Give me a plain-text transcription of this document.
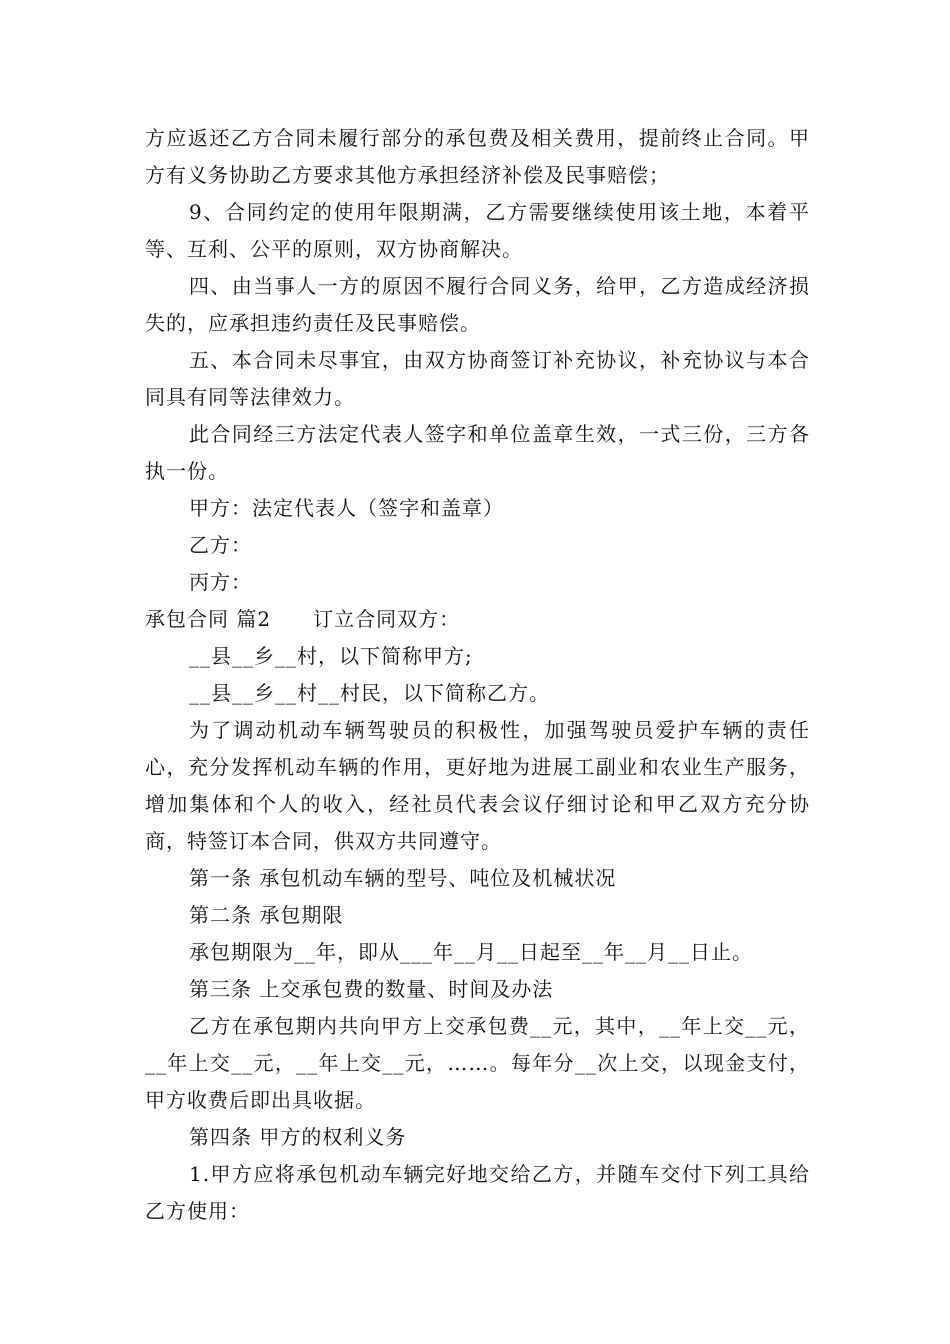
方应返还乙方合同未履行部分的承包费及相关费用，提前终止合同。甲方有义务协助乙方要求其他方承担经济补偿及民事赔偿；

9、合同约定的使用年限期满，乙方需要继续使用该土地，本着平等、互利、公平的原则，双方协商解决。

四、由当事人一方的原因不履行合同义务，给甲，乙方造成经济损失的，应承担违约责任及民事赔偿。

五、本合同未尽事宜，由双方协商签订补充协议，补充协议与本合同具有同等法律效力。

此合同经三方法定代表人签字和单位盖章生效，一式三份，三方各执一份。

甲方：法定代表人（签字和盖章）

乙方：

丙方：

承包合同 篇2　　订立合同双方：

__县__乡__村，以下简称甲方;

__县__乡__村__村民，以下简称乙方。

为了调动机动车辆驾驶员的积极性，加强驾驶员爱护车辆的责任心，充分发挥机动车辆的作用，更好地为进展工副业和农业生产服务，增加集体和个人的收入，经社员代表会议仔细讨论和甲乙双方充分协商，特签订本合同，供双方共同遵守。

第一条 承包机动车辆的型号、吨位及机械状况

第二条 承包期限

承包期限为__年，即从___年__月__日起至__年__月__日止。

第三条 上交承包费的数量、时间及办法

乙方在承包期内共向甲方上交承包费__元，其中，__年上交__元，__年上交__元，__年上交__元，……。每年分__次上交，以现金支付，甲方收费后即出具收据。

第四条 甲方的权利义务

1.甲方应将承包机动车辆完好地交给乙方，并随车交付下列工具给乙方使用：
